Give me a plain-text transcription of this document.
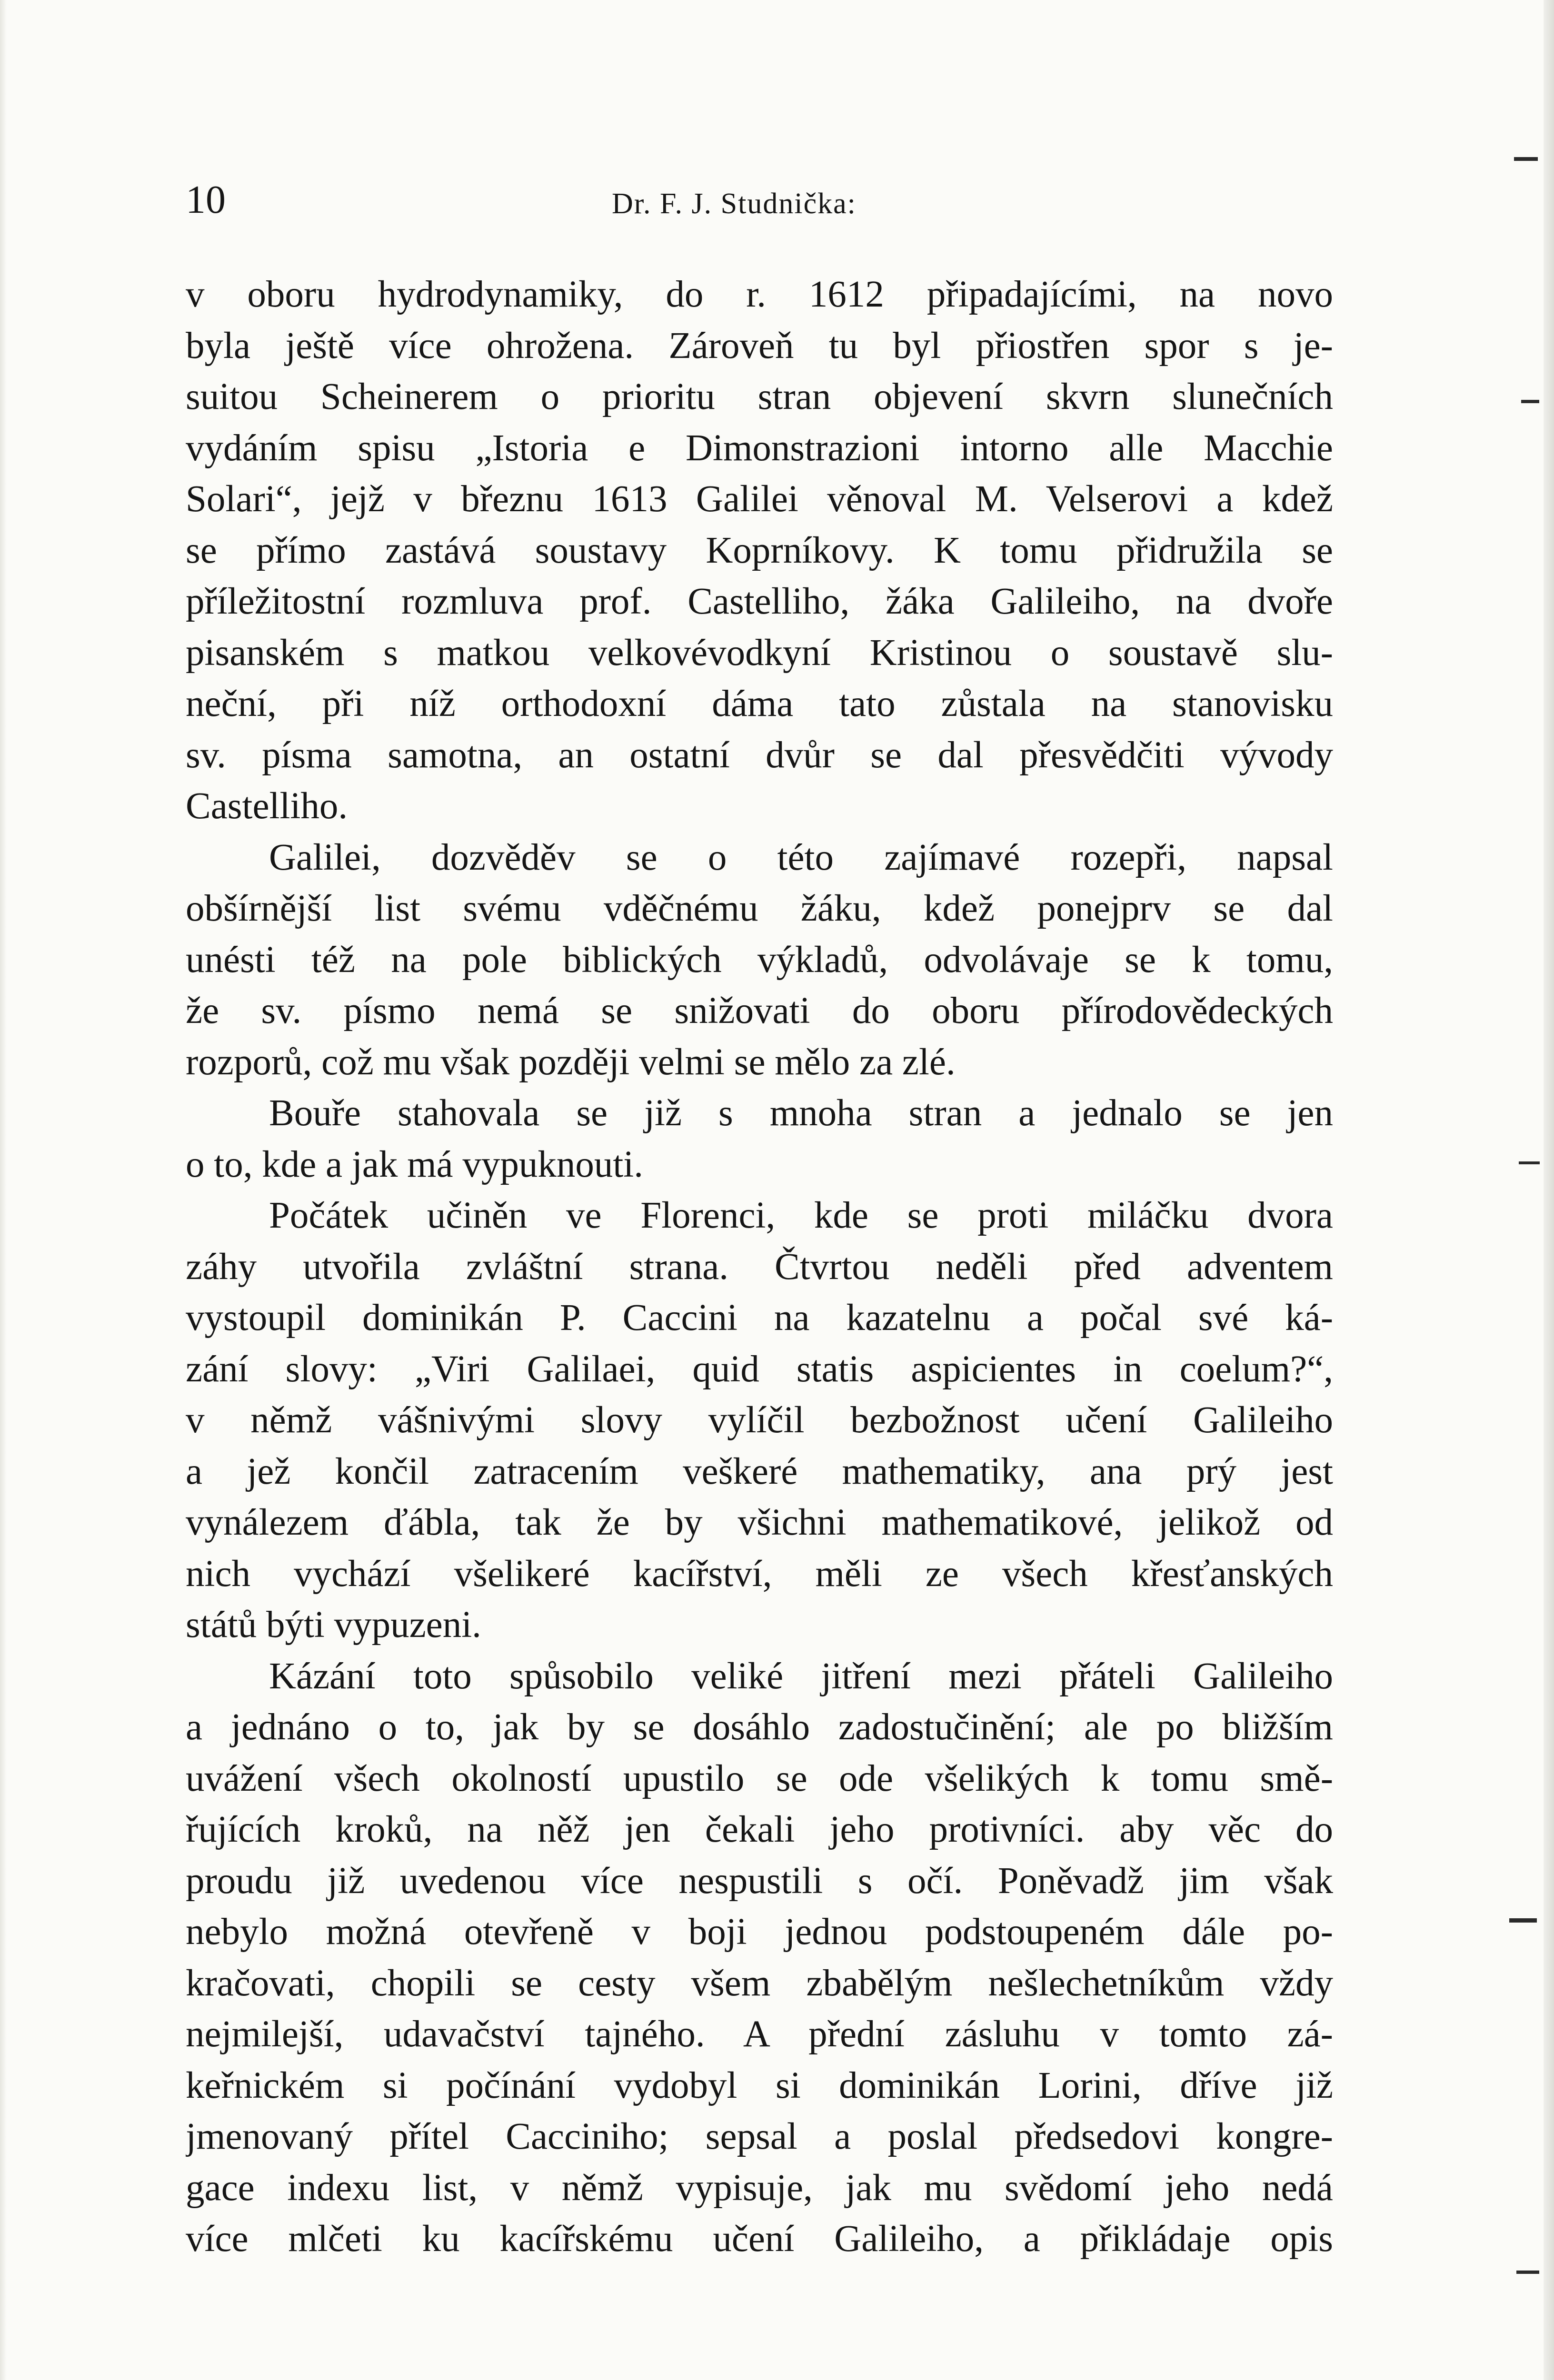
10	Dr. F. J. Studnička:
v oboru hydrodynamiky, do r. 1612 připadajícími, na novo
byla ještě více ohrožena. Zároveň tu byl přiostřen spor s je-
suitou Scheinerem o prioritu stran objevení skvrn slunečních
vydáním spisu „Istoria e Dimonstrazioni intorno alle Macchie
Solari“, jejž v březnu 1613 Galilei věnoval M. Velserovi a kdež
se přímo zastává soustavy Koprníkovy. K tomu přidružila se
příležitostní rozmluva prof. Castelliho, žáka Galileiho, na dvoře
pisanském s matkou velkovévodkyní Kristinou o soustavě slu-
neční, při níž orthodoxní dáma tato zůstala na stanovisku
sv. písma samotna, an ostatní dvůr se dal přesvědčiti vývody
Castelliho.
Galilei, dozvěděv se o této zajímavé rozepři, napsal
obšírnější list svému vděčnému žáku, kdež ponejprv se dal
unésti též na pole biblických výkladů, odvolávaje se k tomu,
že sv. písmo nemá se snižovati do oboru přírodovědeckých
rozporů, což mu však později velmi se mělo za zlé.
Bouře stahovala se již s mnoha stran a jednalo se jen
o to, kde a jak má vypuknouti.
Počátek učiněn ve Florenci, kde se proti miláčku dvora
záhy utvořila zvláštní strana. Čtvrtou neděli před adventem
vystoupil dominikán P. Caccini na kazatelnu a počal své ká-
zání slovy: „Viri Galilaei, quid statis aspicientes in coelum?“,
v němž vášnivými slovy vylíčil bezbožnost učení Galileiho
a jež končil zatracením veškeré mathematiky, ana prý jest
vynálezem ďábla, tak že by všichni mathematikové, jelikož od
nich vychází všelikeré kacířství, měli ze všech křesťanských
států býti vypuzeni.
Kázání toto spůsobilo veliké jitření mezi přáteli Galileiho
a jednáno o to, jak by se dosáhlo zadostučinění; ale po bližším
uvážení všech okolností upustilo se ode všelikých k tomu smě-
řujících kroků, na něž jen čekali jeho protivníci. aby věc do
proudu již uvedenou více nespustili s očí. Poněvadž jim však
nebylo možná otevřeně v boji jednou podstoupeném dále po-
kračovati, chopili se cesty všem zbabělým nešlechetníkům vždy
nejmilejší, udavačství tajného. A přední zásluhu v tomto zá-
keřnickém si počínání vydobyl si dominikán Lorini, dříve již
jmenovaný přítel Cacciniho; sepsal a poslal předsedovi kongre-
gace indexu list, v němž vypisuje, jak mu svědomí jeho nedá
více mlčeti ku kacířskému učení Galileiho, a přikládaje opis
